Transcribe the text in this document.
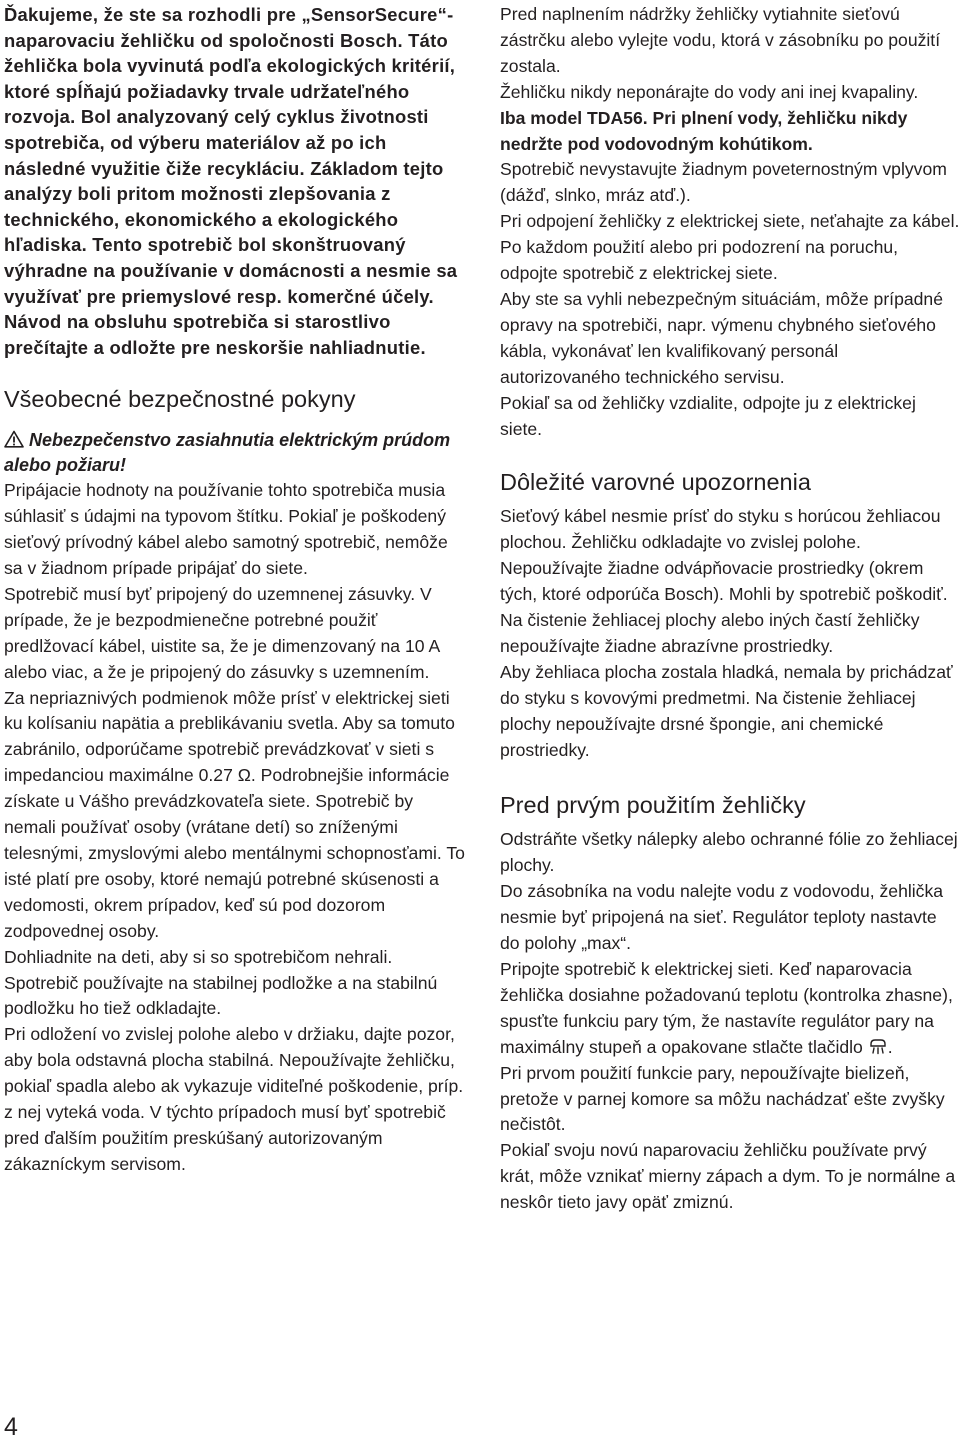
Ďakujeme, že ste sa rozhodli pre „SensorSecure“- naparovaciu žehličku od spoločnosti Bosch. Táto žehlička bola vyvinutá podľa ekologických kritérií, ktoré spĺňajú požiadavky trvale udržateľného rozvoja. Bol analyzovaný celý cyklus životnosti spotrebiča, od výberu materiálov až po ich následné využitie čiže recykláciu. Základom tejto analýzy boli pritom možnosti zlepšovania z technického, ekonomického a ekologického hľadiska. Tento spotrebič bol skonštruovaný výhradne na používanie v domácnosti a nesmie sa využívať pre priemyslové resp. komerčné účely. Návod na obsluhu spotrebiča si starostlivo prečítajte a odložte pre neskoršie nahliadnutie.

Všeobecné bezpečnostné pokyny
Nebezpečenstvo zasiahnutia elektrickým prúdom alebo požiaru!

Pripájacie hodnoty na používanie tohto spotrebiča musia súhlasiť s údajmi na typovom štítku. Pokiaľ je poškodený sieťový prívodný kábel alebo samotný spotrebič, nemôže sa v žiadnom prípade pripájať do siete.

Spotrebič musí byť pripojený do uzemnenej zásuvky. V prípade, že je bezpodmienečne potrebné použiť predlžovací kábel, uistite sa, že je dimenzovaný na 10 A alebo viac, a že je pripojený do zásuvky s uzemnením.

Za nepriaznivých podmienok môže prísť v elektrickej sieti ku kolísaniu napätia a preblikávaniu svetla. Aby sa tomuto zabránilo, odporúčame spotrebič prevádzkovať v sieti s impedanciou maximálne 0.27 Ω. Podrobnejšie informácie získate u Vášho prevádzkovateľa siete. Spotrebič by nemali používať osoby (vrátane detí) so zníženými telesnými, zmyslovými alebo mentálnymi schopnosťami. To isté platí pre osoby, ktoré nemajú potrebné skúsenosti a vedomosti, okrem prípadov, keď sú pod dozorom zodpovednej osoby.

Dohliadnite na deti, aby si so spotrebičom nehrali. Spotrebič používajte na stabilnej podložke a na stabilnú podložku ho tiež odkladajte.

Pri odložení vo zvislej polohe alebo v držiaku, dajte pozor, aby bola odstavná plocha stabilná. Nepoužívajte žehličku, pokiaľ spadla alebo ak vykazuje viditeľné poškodenie, príp. z nej vyteká voda. V týchto prípadoch musí byť spotrebič pred ďalším použitím preskúšaný autorizovaným zákazníckym servisom.

Pred naplnením nádržky žehličky vytiahnite sieťovú zástrčku alebo vylejte vodu, ktorá v zásobníku po použití zostala.

Žehličku nikdy neponárajte do vody ani inej kvapaliny.

Iba model TDA56. Pri plnení vody, žehličku nikdy nedržte pod vodovodným kohútikom.

Spotrebič nevystavujte žiadnym poveternostným vplyvom (dážď, slnko, mráz atď.).

Pri odpojení žehličky z elektrickej siete, neťahajte za kábel. Po každom použití alebo pri podozrení na poruchu, odpojte spotrebič z elektrickej siete.

Aby ste sa vyhli nebezpečným situáciám, môže prípadné opravy na spotrebiči, napr. výmenu chybného sieťového kábla, vykonávať len kvalifikovaný personál autorizovaného technického servisu.

Pokiaľ sa od žehličky vzdialite, odpojte ju z elektrickej siete.

Dôležité varovné upozornenia

Sieťový kábel nesmie prísť do styku s horúcou žehliacou plochou. Žehličku odkladajte vo zvislej polohe.

Nepoužívajte žiadne odvápňovacie prostriedky (okrem tých, ktoré odporúča Bosch). Mohli by spotrebič poškodiť.

Na čistenie žehliacej plochy alebo iných častí žehličky nepoužívajte žiadne abrazívne prostriedky.

Aby žehliaca plocha zostala hladká, nemala by prichádzať do styku s kovovými predmetmi. Na čistenie žehliacej plochy nepoužívajte drsné špongie, ani chemické prostriedky.

Pred prvým použitím žehličky

Odstráňte všetky nálepky alebo ochranné fólie zo žehliacej plochy.

Do zásobníka na vodu nalejte vodu z vodovodu, žehlička nesmie byť pripojená na sieť. Regulátor teploty nastavte do polohy „max“.

Pripojte spotrebič k elektrickej sieti. Keď naparovacia žehlička dosiahne požadovanú teplotu (kontrolka zhasne), spusťte funkciu pary tým, že nastavíte regulátor pary na maximálny stupeň a opakovane stlačte tlačidlo .

Pri prvom použití funkcie pary, nepoužívajte bielizeň, pretože v parnej komore sa môžu nachádzať ešte zvyšky nečistôt.

Pokiaľ svoju novú naparovaciu žehličku používate prvý krát, môže vznikať mierny zápach a dym. To je normálne a neskôr tieto javy opäť zmiznú.

4
